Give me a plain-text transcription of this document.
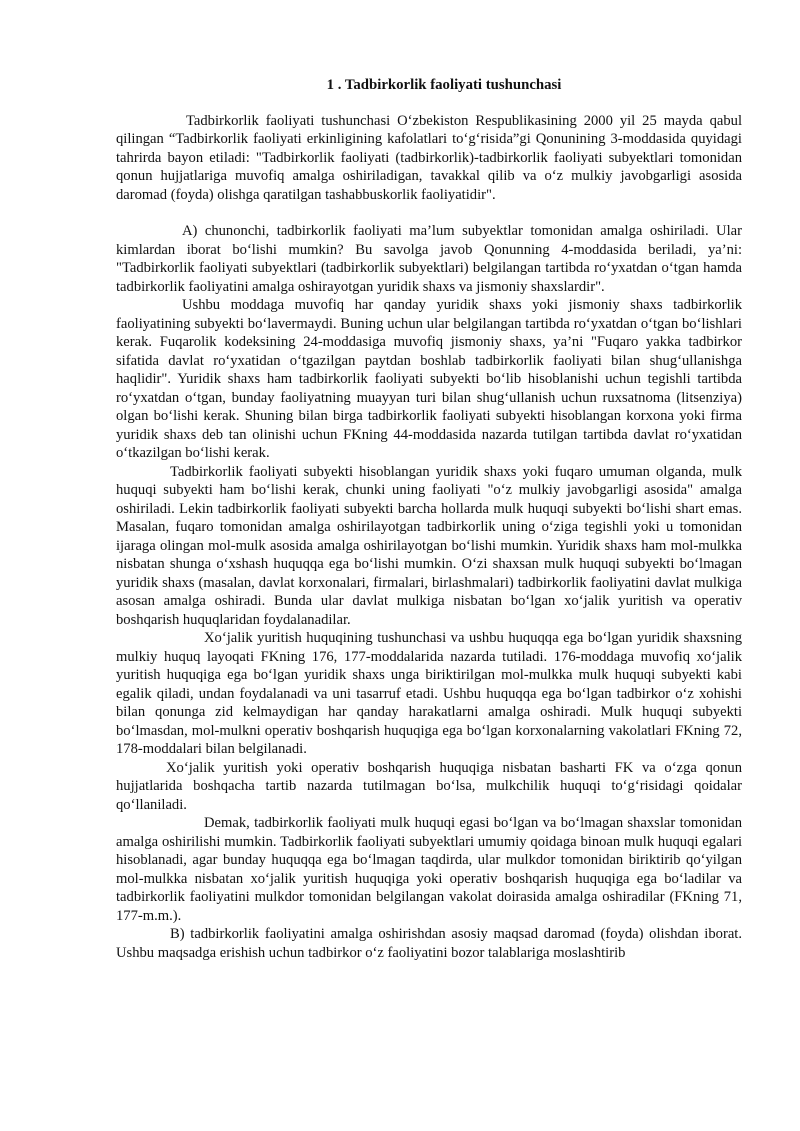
1 . Tadbirkorlik faoliyati tushunchasi

Tadbirkorlik faoliyati tushunchasi O‘zbekiston Respublikasining 2000 yil 25 mayda qabul qilingan “Tadbirkorlik faoliyati erkinligining kafolatlari to‘g‘risida”gi Qonunining 3-moddasida quyidagi tahrirda bayon etiladi: "Tadbirkorlik faoliyati (tadbirkorlik)-tadbirkorlik faoliyati subyektlari tomonidan qonun hujjatlariga muvofiq amalga oshiriladigan, tavakkal qilib va o‘z mulkiy javobgarligi asosida daromad (foyda) olishga qaratilgan tashabbuskorlik faoliyatidir".

A) chunonchi, tadbirkorlik faoliyati ma’lum subyektlar tomonidan amalga oshiriladi. Ular kimlardan iborat bo‘lishi mumkin? Bu savolga javob Qonunning 4-moddasida beriladi, ya’ni: "Tadbirkorlik faoliyati subyektlari (tadbirkorlik subyektlari) belgilangan tartibda ro‘yxatdan o‘tgan hamda tadbirkorlik faoliyatini amalga oshirayotgan yuridik shaxs va jismoniy shaxslardir".

Ushbu moddaga muvofiq har qanday yuridik shaxs yoki jismoniy shaxs tadbirkorlik faoliyatining subyekti bo‘lavermaydi. Buning uchun ular belgilangan tartibda ro‘yxatdan o‘tgan bo‘lishlari kerak. Fuqarolik kodeksining 24-moddasiga muvofiq jismoniy shaxs, ya’ni "Fuqaro yakka tadbirkor sifatida davlat ro‘yxatidan o‘tgazilgan paytdan boshlab tadbirkorlik faoliyati bilan shug‘ullanishga haqlidir". Yuridik shaxs ham tadbirkorlik faoliyati subyekti bo‘lib hisoblanishi uchun tegishli tartibda ro‘yxatdan o‘tgan, bunday faoliyatning muayyan turi bilan shug‘ullanish uchun ruxsatnoma (litsenziya) olgan bo‘lishi kerak. Shuning bilan birga tadbirkorlik faoliyati subyekti hisoblangan korxona yoki firma yuridik shaxs deb tan olinishi uchun FKning 44-moddasida nazarda tutilgan tartibda davlat ro‘yxatidan o‘tkazilgan bo‘lishi kerak.

Tadbirkorlik faoliyati subyekti hisoblangan yuridik shaxs yoki fuqaro umuman olganda, mulk huquqi subyekti ham bo‘lishi kerak, chunki uning faoliyati "o‘z mulkiy javobgarligi asosida" amalga oshiriladi. Lekin tadbirkorlik faoliyati subyekti barcha hollarda mulk huquqi subyekti bo‘lishi shart emas. Masalan, fuqaro tomonidan amalga oshirilayotgan tadbirkorlik uning o‘ziga tegishli yoki u tomonidan ijaraga olingan mol-mulk asosida amalga oshirilayotgan bo‘lishi mumkin. Yuridik shaxs ham mol-mulkka nisbatan shunga o‘xshash huquqqa ega bo‘lishi mumkin. O‘zi shaxsan mulk huquqi subyekti bo‘lmagan yuridik shaxs (masalan, davlat korxonalari, firmalari, birlashmalari) tadbirkorlik faoliyatini davlat mulkiga asosan amalga oshiradi. Bunda ular davlat mulkiga nisbatan bo‘lgan xo‘jalik yuritish va operativ boshqarish huquqlaridan foydalanadilar.

Xo‘jalik yuritish huquqining tushunchasi va ushbu huquqqa ega bo‘lgan yuridik shaxsning mulkiy huquq layoqati FKning 176, 177-moddalarida nazarda tutiladi. 176-moddaga muvofiq xo‘jalik yuritish huquqiga ega bo‘lgan yuridik shaxs unga biriktirilgan mol-mulkka mulk huquqi subyekti kabi egalik qiladi, undan foydalanadi va uni tasarruf etadi. Ushbu huquqqa ega bo‘lgan tadbirkor o‘z xohishi bilan qonunga zid kelmaydigan har qanday harakatlarni amalga oshiradi. Mulk huquqi subyekti bo‘lmasdan, mol-mulkni operativ boshqarish huquqiga ega bo‘lgan korxonalarning vakolatlari FKning 72, 178-moddalari bilan belgilanadi.

Xo‘jalik yuritish yoki operativ boshqarish huquqiga nisbatan basharti FK va o‘zga qonun hujjatlarida boshqacha tartib nazarda tutilmagan bo‘lsa, mulkchilik huquqi to‘g‘risidagi qoidalar qo‘llaniladi.

Demak, tadbirkorlik faoliyati mulk huquqi egasi bo‘lgan va bo‘lmagan shaxslar tomonidan amalga oshirilishi mumkin. Tadbirkorlik faoliyati subyektlari umumiy qoidaga binoan mulk huquqi egalari hisoblanadi, agar bunday huquqqa ega bo‘lmagan taqdirda, ular mulkdor tomonidan biriktirib qo‘yilgan mol-mulkka nisbatan xo‘jalik yuritish huquqiga yoki operativ boshqarish huquqiga ega bo‘ladilar va tadbirkorlik faoliyatini mulkdor tomonidan belgilangan vakolat doirasida amalga oshiradilar (FKning 71, 177-m.m.).

B) tadbirkorlik faoliyatini amalga oshirishdan asosiy maqsad daromad (foyda) olishdan iborat. Ushbu maqsadga erishish uchun tadbirkor o‘z faoliyatini bozor talablariga moslashtirib
